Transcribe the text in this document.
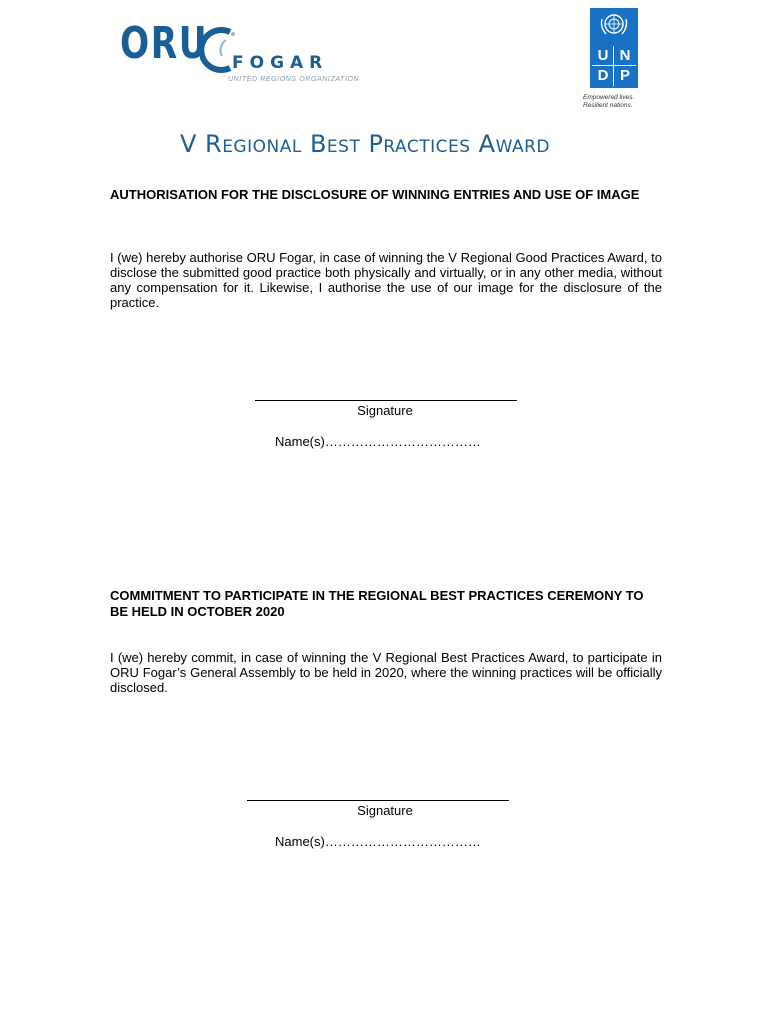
ORU FOGAR
UNITED REGIONS ORGANIZATION
U N
D P
Empowered lives.
Resilient nations.
V Regional Best Practices Award
AUTHORISATION FOR THE DISCLOSURE OF WINNING ENTRIES AND USE OF IMAGE
I (we) hereby authorise ORU Fogar, in case of winning the V Regional Good Practices Award, to disclose the submitted good practice both physically and virtually, or in any other media, without any compensation for it. Likewise, I authorise the use of our image for the disclosure of the practice.
Signature
Name(s)………………………………
COMMITMENT TO PARTICIPATE IN THE REGIONAL BEST PRACTICES CEREMONY TO BE HELD IN OCTOBER 2020
I (we) hereby commit, in case of winning the V Regional Best Practices Award, to participate in ORU Fogar’s General Assembly to be held in 2020, where the winning practices will be officially disclosed.
Signature
Name(s)………………………………
